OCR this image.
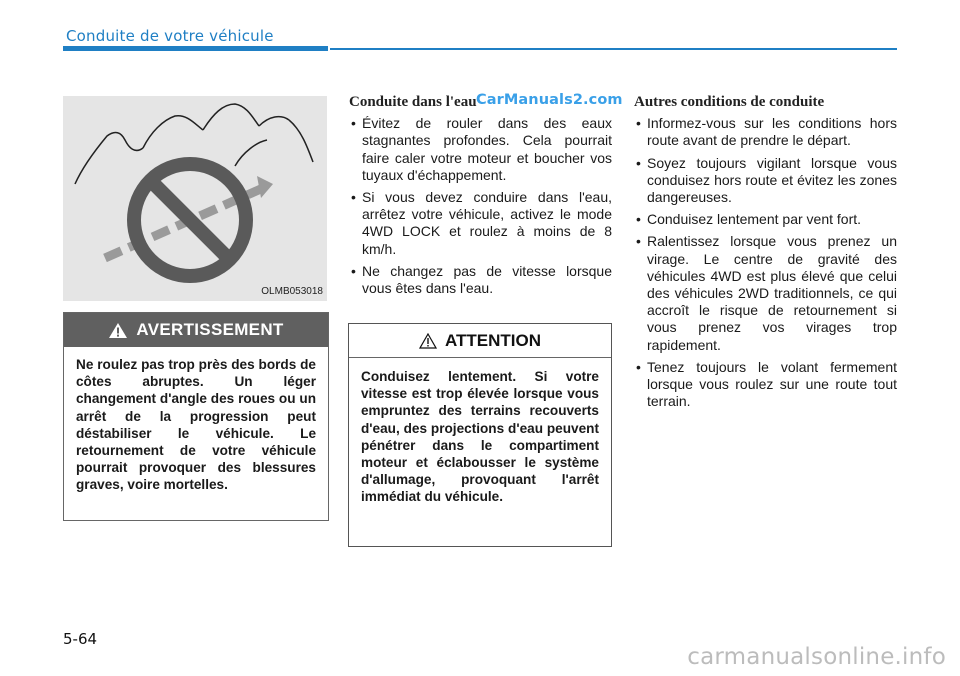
Conduite de votre véhicule
OLMB053018
AVERTISSEMENT
Ne roulez pas trop près des bords de côtes abruptes. Un léger changement d'angle des roues ou un arrêt de la progression peut déstabiliser le véhicule. Le retournement de votre véhicule pourrait provoquer des blessures graves, voire mortelles.
Conduite dans l'eau
• Évitez de rouler dans des eaux stagnantes profondes. Cela pourrait faire caler votre moteur et boucher vos tuyaux d'échappement.
• Si vous devez conduire dans l'eau, arrêtez votre véhicule, activez le mode 4WD LOCK et roulez à moins de 8 km/h.
• Ne changez pas de vitesse lorsque vous êtes dans l'eau.
CarManuals2.com
ATTENTION
Conduisez lentement. Si votre vitesse est trop élevée lorsque vous empruntez des terrains recouverts d'eau, des projections d'eau peuvent pénétrer dans le compartiment moteur et éclabousser le système d'allumage, provoquant l'arrêt immédiat du véhicule.
Autres conditions de conduite
• Informez-vous sur les conditions hors route avant de prendre le départ.
• Soyez toujours vigilant lorsque vous conduisez hors route et évitez les zones dangereuses.
• Conduisez lentement par vent fort.
• Ralentissez lorsque vous prenez un virage. Le centre de gravité des véhicules 4WD est plus élevé que celui des véhicules 2WD traditionnels, ce qui accroît le risque de retournement si vous prenez vos virages trop rapidement.
• Tenez toujours le volant fermement lorsque vous roulez sur une route tout terrain.
5-64
carmanualsonline.info
